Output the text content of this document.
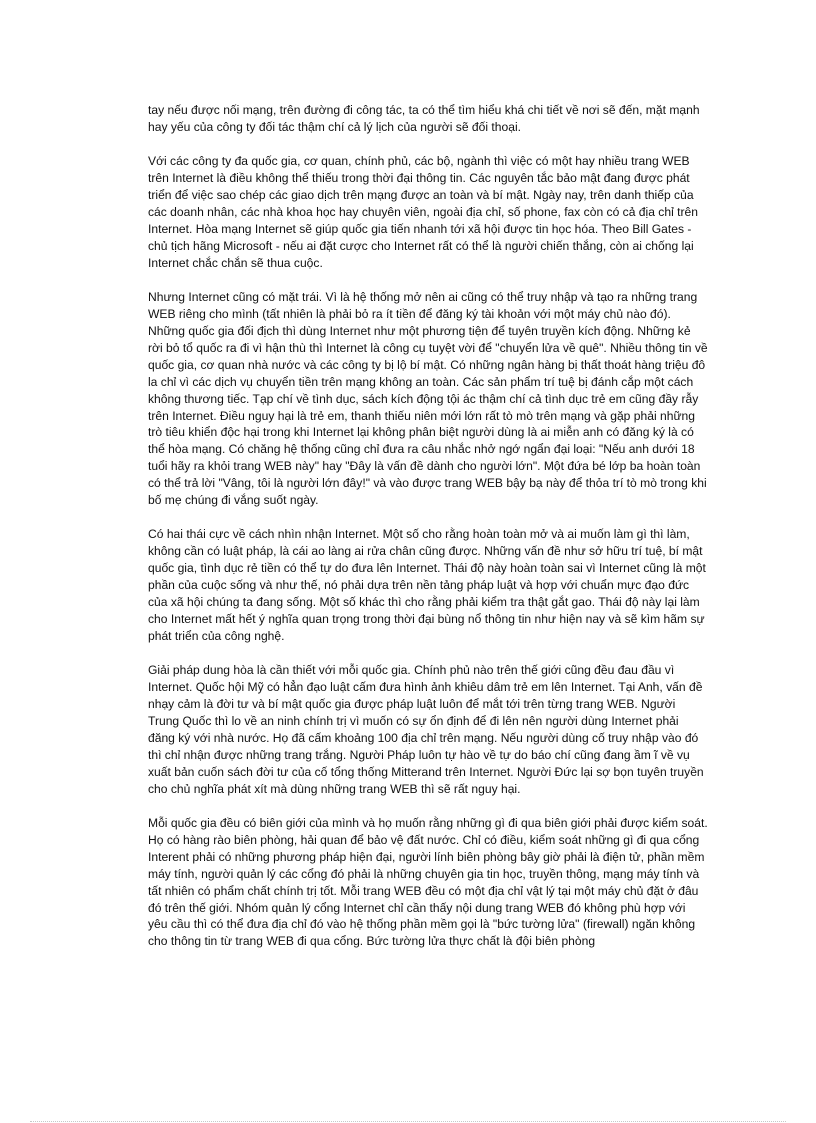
tay nếu được nối mạng, trên đường đi công tác, ta có thể tìm hiểu khá chi tiết về nơi sẽ đến, mặt mạnh hay yếu của công ty đối tác thậm chí cả lý lịch của người sẽ đối thoại.

Với các công ty đa quốc gia, cơ quan, chính phủ, các bộ, ngành thì việc có một hay nhiều trang WEB trên Internet là điều không thể thiếu trong thời đại thông tin. Các nguyên tắc bảo mật đang được phát triển để việc sao chép các giao dịch trên mạng được an toàn và bí mật. Ngày nay, trên danh thiếp của các doanh nhân, các nhà khoa học hay chuyên viên, ngoài địa chỉ, số phone, fax còn có cả địa chỉ trên Internet. Hòa mạng Internet sẽ giúp quốc gia tiến nhanh tới xã hội được tin học hóa. Theo Bill Gates - chủ tịch hãng Microsoft - nếu ai đặt cược cho Internet rất có thể là người chiến thắng, còn ai chống lại Internet chắc chắn sẽ thua cuộc.

Nhưng Internet cũng có mặt trái. Vì là hệ thống mở nên ai cũng có thể truy nhập và tạo ra những trang WEB riêng cho mình (tất nhiên là phải bỏ ra ít tiền để đăng ký tài khoản với một máy chủ nào đó). Những quốc gia đối địch thì dùng Internet như một phương tiện để tuyên truyền kích động. Những kẻ rời bỏ tổ quốc ra đi vì hận thù thì Internet là công cụ tuyệt vời để "chuyển lửa về quê". Nhiều thông tin về quốc gia, cơ quan nhà nước và các công ty bị lộ bí mật. Có những ngân hàng bị thất thoát hàng triệu đô la chỉ vì các dịch vụ chuyển tiền trên mạng không an toàn. Các sản phẩm trí tuệ bị đánh cắp một cách không thương tiếc. Tạp chí về tình dục, sách kích động tội ác thậm chí cả tình dục trẻ em cũng đầy rẫy trên Internet. Điều nguy hại là trẻ em, thanh thiếu niên mới lớn rất tò mò trên mạng và gặp phải những trò tiêu khiển độc hại trong khi Internet lại không phân biệt người dùng là ai miễn anh có đăng ký là có thể hòa mạng. Có chăng hệ thống cũng chỉ đưa ra câu nhắc nhở ngớ ngẩn đại loại: "Nếu anh dưới 18 tuổi hãy ra khỏi trang WEB này" hay "Đây là vấn đề dành cho người lớn". Một đứa bé lớp ba hoàn toàn có thể trả lời "Vâng, tôi là người lớn đây!" và vào được trang WEB bậy bạ này để thỏa trí tò mò trong khi bố mẹ chúng đi vắng suốt ngày.

Có hai thái cực về cách nhìn nhận Internet. Một số cho rằng hoàn toàn mở và ai muốn làm gì thì làm, không cần có luật pháp, là cái ao làng ai rửa chân cũng được. Những vấn đề như sở hữu trí tuệ, bí mật quốc gia, tình dục rẻ tiền có thể tự do đưa lên Internet. Thái độ này hoàn toàn sai vì Internet cũng là một phần của cuộc sống và như thế, nó phải dựa trên nền tảng pháp luật và hợp với chuẩn mực đạo đức của xã hội chúng ta đang sống. Một số khác thì cho rằng phải kiểm tra thật gắt gao. Thái độ này lại làm cho Internet mất hết ý nghĩa quan trọng trong thời đại bùng nổ thông tin như hiện nay và sẽ kìm hãm sự phát triển của công nghệ.

Giải pháp dung hòa là cần thiết với mỗi quốc gia. Chính phủ nào trên thế giới cũng đều đau đầu vì Internet. Quốc hội Mỹ có hẳn đạo luật cấm đưa hình ảnh khiêu dâm trẻ em lên Internet. Tại Anh, vấn đề nhạy cảm là đời tư và bí mật quốc gia được pháp luật luôn để mắt tới trên từng trang WEB. Người Trung Quốc thì lo về an ninh chính trị vì muốn có sự ổn định để đi lên nên người dùng Internet phải đăng ký với nhà nước. Họ đã cấm khoảng 100 địa chỉ trên mạng. Nếu người dùng cố truy nhập vào đó thì chỉ nhận được những trang trắng. Người Pháp luôn tự hào về tự do báo chí cũng đang ầm ĩ về vụ xuất bản cuốn sách đời tư của cố tổng thống Mitterand trên Internet. Người Đức lại sợ bọn tuyên truyền cho chủ nghĩa phát xít mà dùng những trang WEB thì sẽ rất nguy hại.

Mỗi quốc gia đều có biên giới của mình và họ muốn rằng những gì đi qua biên giới phải được kiểm soát. Họ có hàng rào biên phòng, hải quan để bảo vệ đất nước. Chỉ có điều, kiểm soát những gì đi qua cổng Interent phải có những phương pháp hiện đại, người lính biên phòng bây giờ phải là điện tử, phần mềm máy tính, người quản lý các cổng đó phải là những chuyên gia tin học, truyền thông, mạng máy tính và tất nhiên có phẩm chất chính trị tốt. Mỗi trang WEB đều có một địa chỉ vật lý tại một máy chủ đặt ở đâu đó trên thế giới. Nhóm quản lý cổng Internet chỉ cần thấy nội dung trang WEB đó không phù hợp với yêu cầu thì có thể đưa địa chỉ đó vào hệ thống phần mềm gọi là "bức tường lửa" (firewall) ngăn không cho thông tin từ trang WEB đi qua cổng. Bức tường lửa thực chất là đội biên phòng
